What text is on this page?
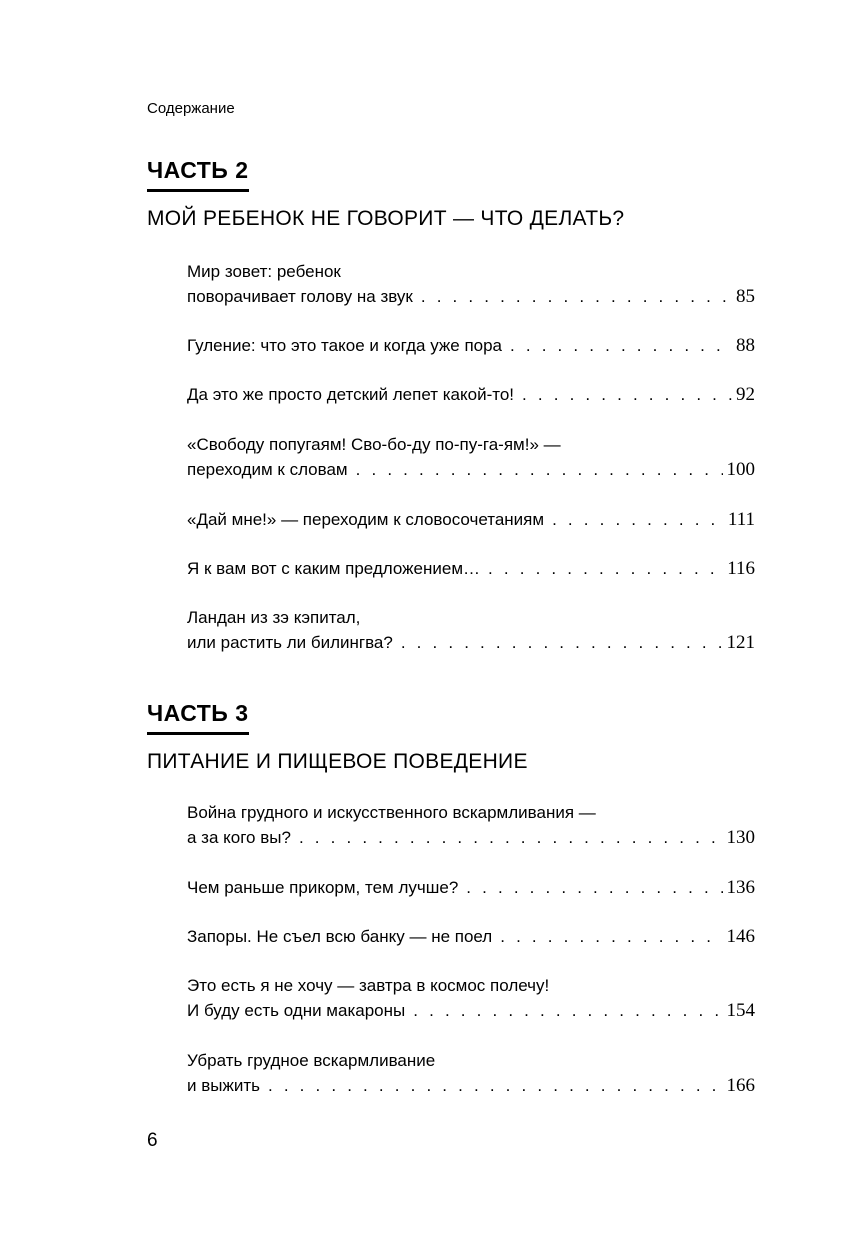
Содержание
ЧАСТЬ 2
МОЙ РЕБЕНОК НЕ ГОВОРИТ — ЧТО ДЕЛАТЬ?
Мир зовет: ребенок
поворачивает голову на звук . . .	85
Гуление: что это такое и когда уже пора . . .	88
Да это же просто детский лепет какой-то! . . .	92
«Свободу попугаям! Сво-бо-ду по-пу-га-ям!» —
переходим к словам . . .	100
«Дай мне!» — переходим к словосочетаниям . . .	111
Я к вам вот с каким предложением… . . .	116
Ландан из зэ кэпитал,
или растить ли билингва? . . .	121
ЧАСТЬ 3
ПИТАНИЕ И ПИЩЕВОЕ ПОВЕДЕНИЕ
Война грудного и искусственного вскармливания —
а за кого вы? . . .	130
Чем раньше прикорм, тем лучше? . . .	136
Запоры. Не съел всю банку — не поел . . .	146
Это есть я не хочу — завтра в космос полечу!
И буду есть одни макароны . . .	154
Убрать грудное вскармливание
и выжить . . .	166
6
